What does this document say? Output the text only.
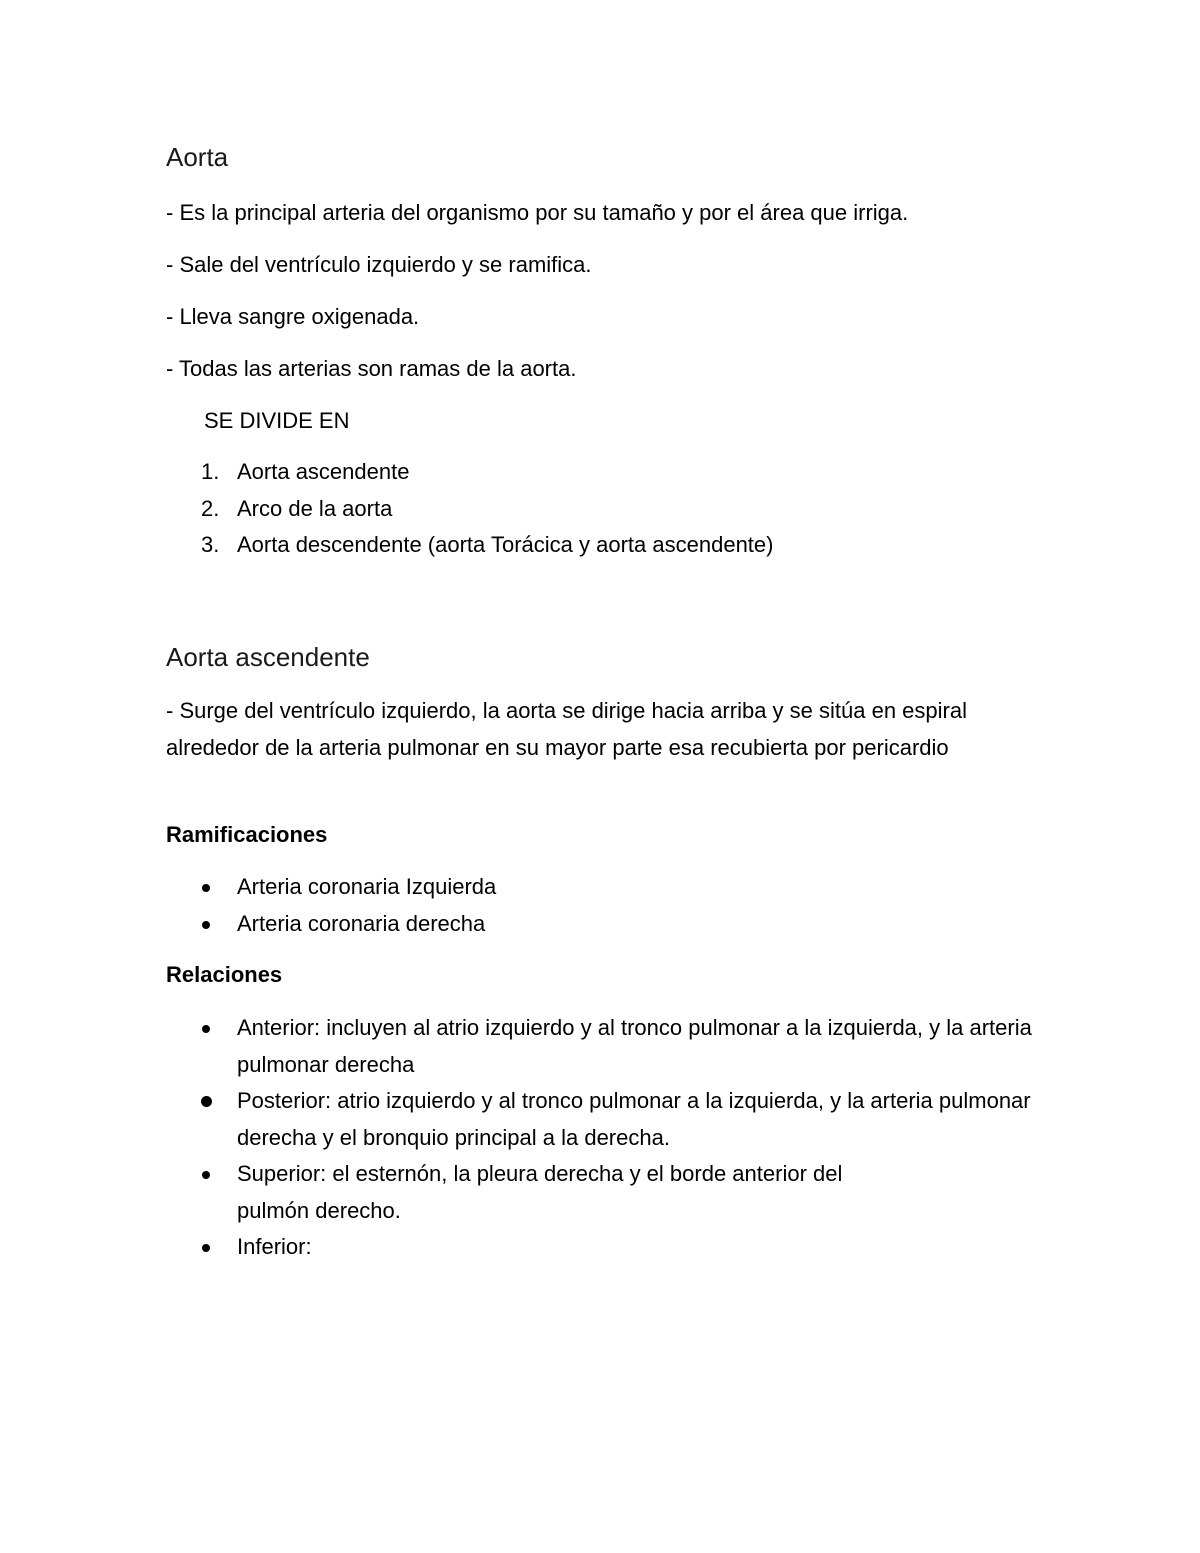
Aorta

- Es la principal arteria del organismo por su tamaño y por el área que irriga.

- Sale del ventrículo izquierdo y se ramifica.

- Lleva sangre oxigenada.

- Todas las arterias son ramas de la aorta.

SE DIVIDE EN

1. Aorta ascendente
2. Arco de la aorta
3. Aorta descendente (aorta Torácica y aorta ascendente)
Aorta ascendente

- Surge del ventrículo izquierdo, la aorta se dirige hacia arriba y se sitúa en espiral alrededor de la arteria pulmonar en su mayor parte esa recubierta por pericardio

Ramificaciones

Arteria coronaria Izquierda
Arteria coronaria derecha

Relaciones

Anterior: incluyen al atrio izquierdo y al tronco pulmonar a la izquierda, y la arteria pulmonar derecha
Posterior: atrio izquierdo y al tronco pulmonar a la izquierda, y la arteria pulmonar derecha y el bronquio principal a la derecha.
Superior: el esternón, la pleura derecha y el borde anterior del pulmón derecho.
Inferior:
